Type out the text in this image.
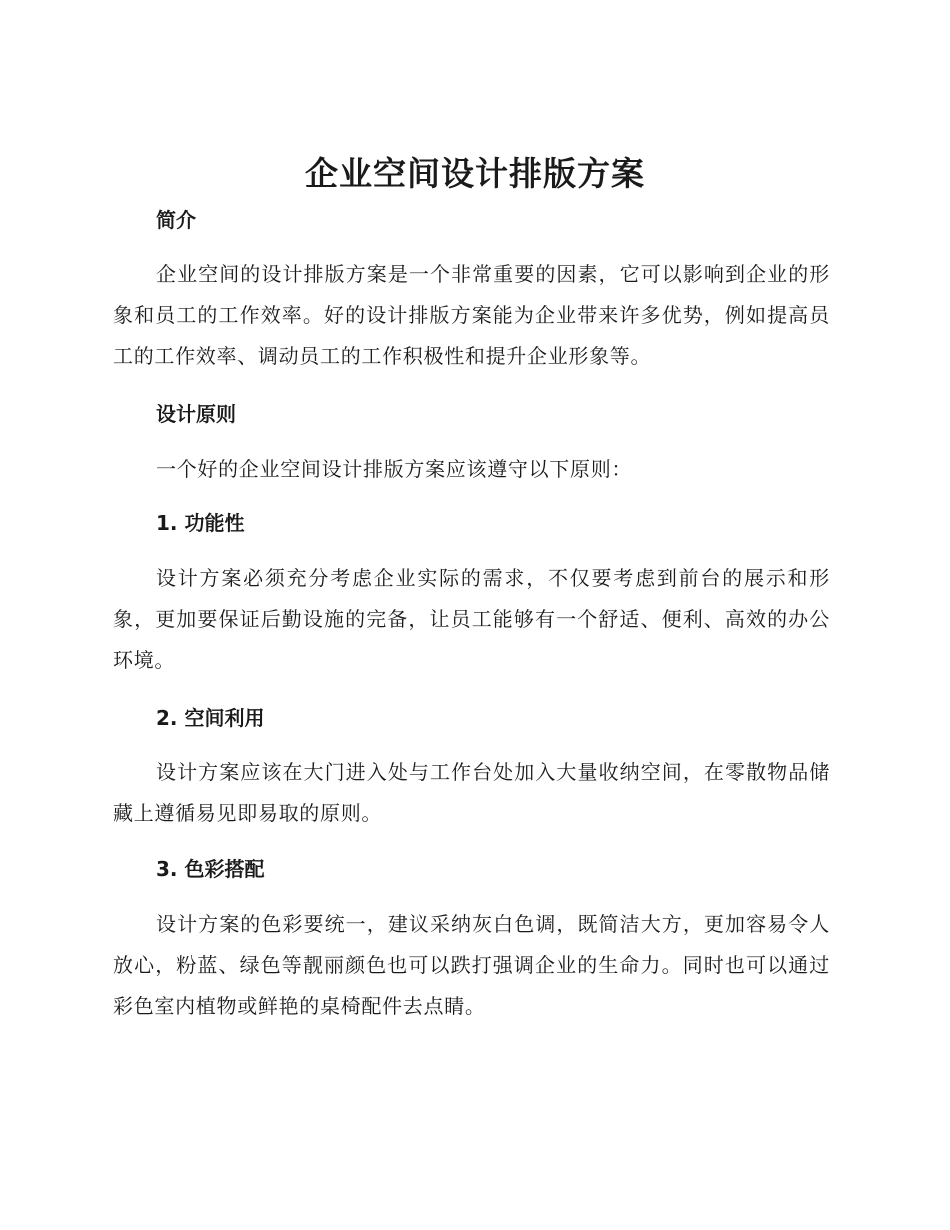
企业空间设计排版方案
简介

企业空间的设计排版方案是一个非常重要的因素，它可以影响到企业的形象和员工的工作效率。好的设计排版方案能为企业带来许多优势，例如提高员工的工作效率、调动员工的工作积极性和提升企业形象等。

设计原则

一个好的企业空间设计排版方案应该遵守以下原则：

1. 功能性

设计方案必须充分考虑企业实际的需求，不仅要考虑到前台的展示和形象，更加要保证后勤设施的完备，让员工能够有一个舒适、便利、高效的办公环境。

2. 空间利用

设计方案应该在大门进入处与工作台处加入大量收纳空间，在零散物品储藏上遵循易见即易取的原则。

3. 色彩搭配

设计方案的色彩要统一，建议采纳灰白色调，既简洁大方，更加容易令人放心，粉蓝、绿色等靓丽颜色也可以跌打强调企业的生命力。同时也可以通过彩色室内植物或鲜艳的桌椅配件去点睛。
